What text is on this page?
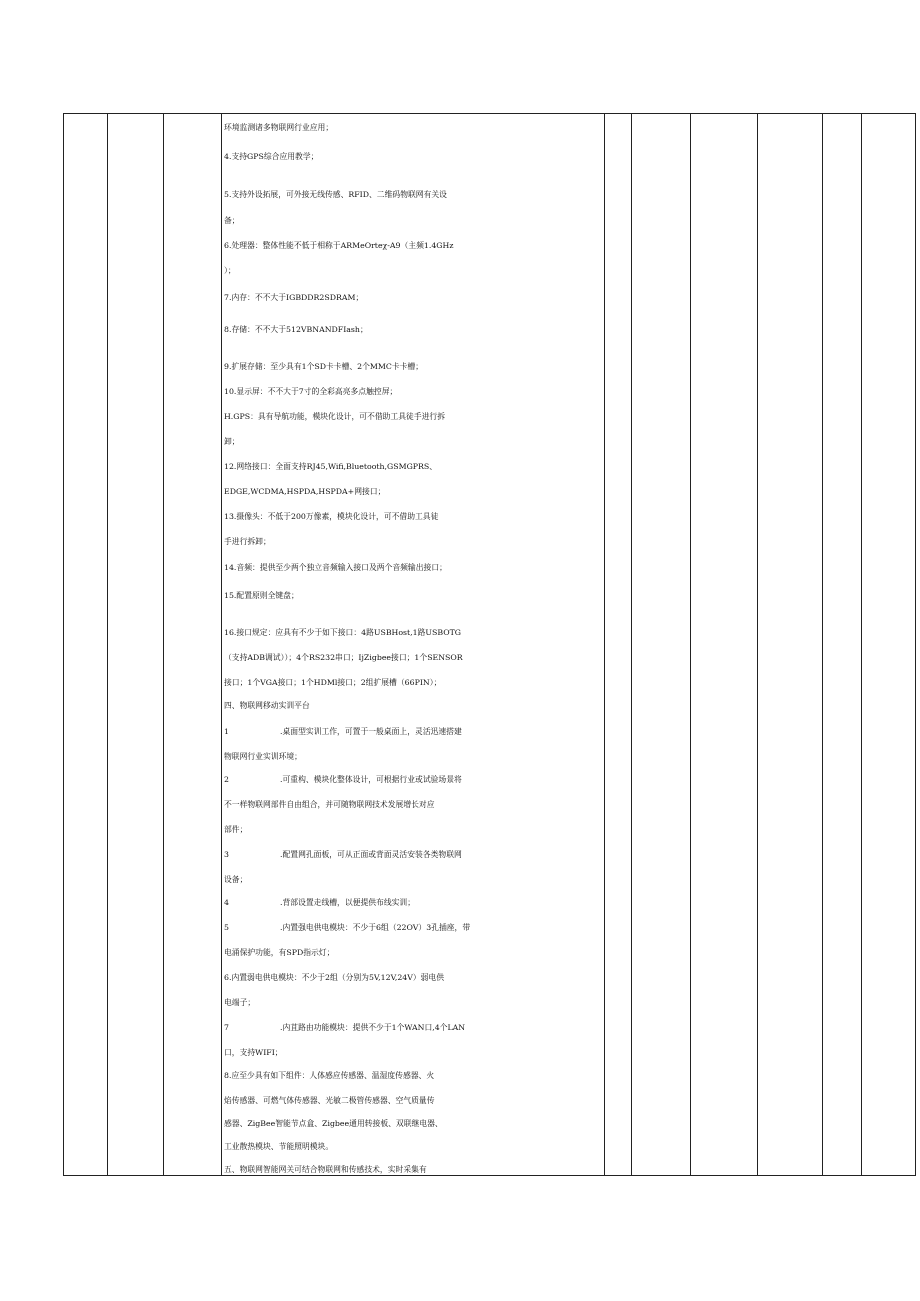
环境监测诸多物联网行业应用；
4.支持GPS综合应用教学；
5.支持外设拓展，可外接无线传感、RFID、二维码物联网有关设
备；
6.处理器：整体性能不低于相称于ARMeOrteχ-A9（主频1.4GHz
）；
7.内存：不不大于IGBDDR2SDRAM；
8.存储：不不大于512VBNANDFIash；
9.扩展存储：至少具有1个SD卡卡槽、2个MMC卡卡槽；
10.显示屏：不不大于7寸的全彩高亮多点触控屏；
H.GPS：具有导航功能，模块化设计，可不借助工具徒手进行拆
卸；
12.网络接口：全面支持RJ45,Wifi,Bluetooth,GSMGPRS、
EDGE,WCDMA,HSPDA,HSPDA+网接口；
13.摄像头：不低于200万像素，模块化设计，可不借助工具徒
手进行拆卸；
14.音频：提供至少两个独立音频输入接口及两个音频输出接口；
15.配置原则全键盘；
16.接口规定：应具有不少于如下接口：4路USBHost,1路USBOTG
（支持ADB调试））；4个RS232串口；IjZigbee接口；1个SENSOR
接口；1个VGA接口；1个HDMl接口；2组扩展槽（66PIN）；
四、物联网移动实训平台
1	.桌面型实训工作，可置于一般桌面上，灵活迅速搭建
物联网行业实训环境；
2	.可重构、模块化整体设计，可根据行业或试验场景将
不一样物联网部件自由组合，并可随物联网技术发展增长对应
部件；
3	.配置网孔面板，可从正面或背面灵活安装各类物联网
设备；
4	.背部设置走线槽，以便提供布线实训；
5	.内置强电供电模块：不少于6组（22OV）3孔插座，带
电涌保护功能，有SPD指示灯；
6.内置弱电供电模块：不少于2组（分别为5V,12V,24V）弱电供
电端子；
7	.内苴路由功能模块：提供不少于1个WAN口,4个LAN
口，支持WIFI；
8.应至少具有如下组件：人体感应传感器、温湿度传感器、火
焰传感器、可燃气体传感器、光敏二极管传感器、空气质量传
感器、ZigBee智能节点盒、Zigbee通用转接板、双联继电器、
工业散热模块、节能照明模块。
五、物联网智能网关可结合物联网和传感技术，实时采集有
